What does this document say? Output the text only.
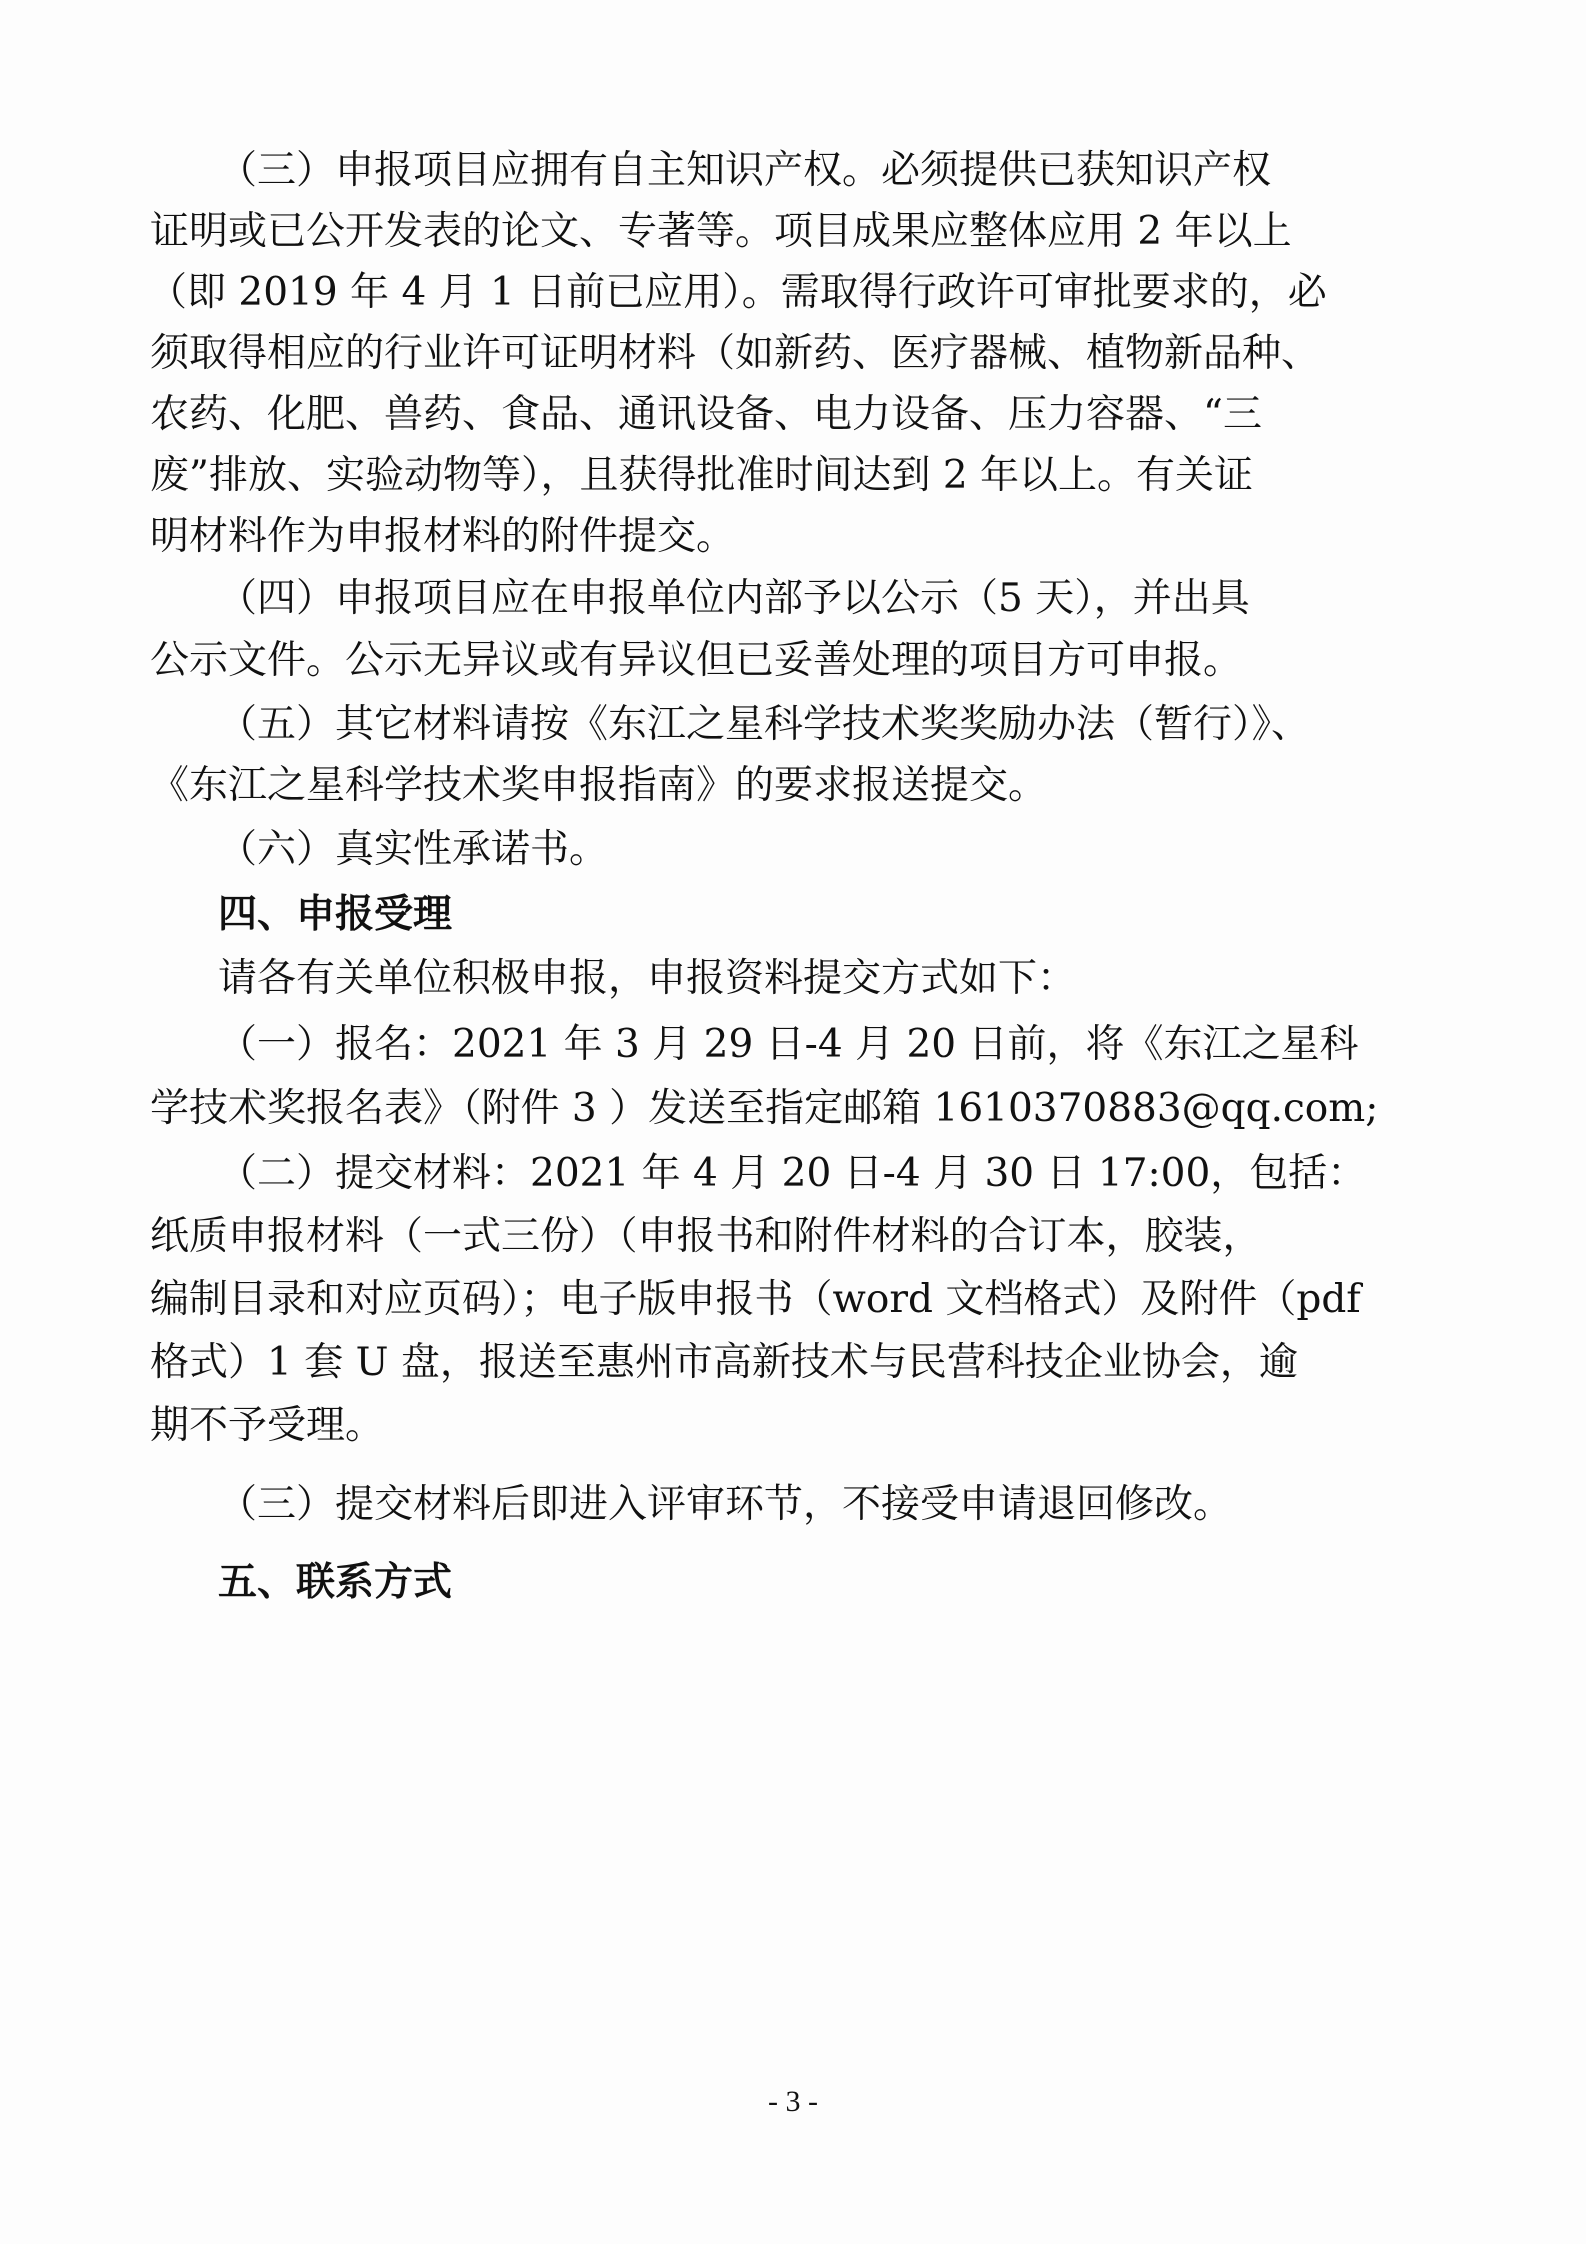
（三）申报项目应拥有自主知识产权。必须提供已获知识产权
证明或已公开发表的论文、专著等。项目成果应整体应用 2 年以上
（即 2019 年 4 月 1 日前已应用）。需取得行政许可审批要求的，必
须取得相应的行业许可证明材料（如新药、医疗器械、植物新品种、
农药、化肥、兽药、食品、通讯设备、电力设备、压力容器、“三
废”排放、实验动物等），且获得批准时间达到 2 年以上。有关证
明材料作为申报材料的附件提交。
（四）申报项目应在申报单位内部予以公示（5 天），并出具
公示文件。公示无异议或有异议但已妥善处理的项目方可申报。
（五）其它材料请按《东江之星科学技术奖奖励办法（暂行）》、
《东江之星科学技术奖申报指南》的要求报送提交。
（六）真实性承诺书。
四、申报受理
请各有关单位积极申报，申报资料提交方式如下：
（一）报名：2021 年 3 月 29 日-4 月 20 日前，将《东江之星科
学技术奖报名表》（附件 3 ）发送至指定邮箱 1610370883@qq.com;
（二）提交材料：2021 年 4 月 20 日-4 月 30 日 17:00，包括：
纸质申报材料（一式三份）（申报书和附件材料的合订本，胶装，
编制目录和对应页码）；电子版申报书（word 文档格式）及附件（pdf
格式）1 套 U 盘，报送至惠州市高新技术与民营科技企业协会，逾
期不予受理。
（三）提交材料后即进入评审环节，不接受申请退回修改。
五、联系方式
- 3 -
